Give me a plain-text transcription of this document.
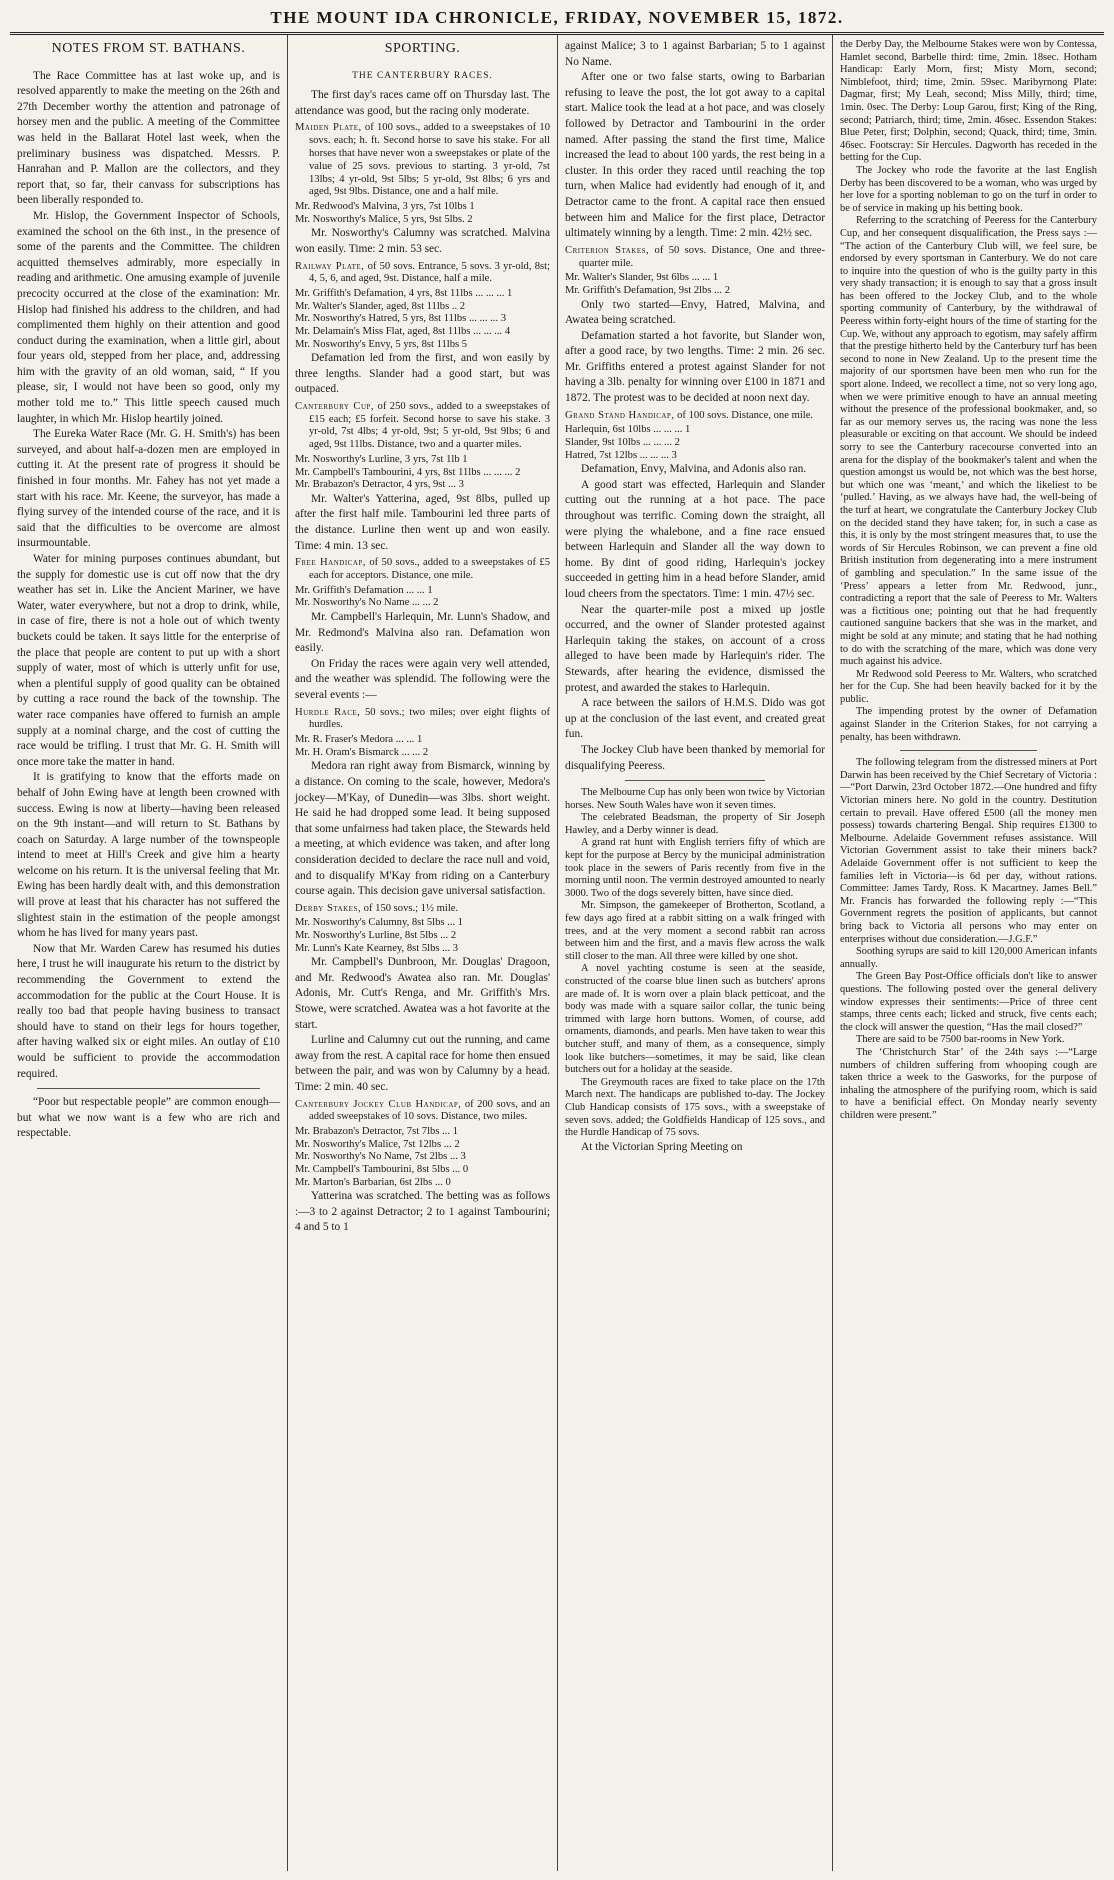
THE MOUNT IDA CHRONICLE, FRIDAY, NOVEMBER 15, 1872.
NOTES FROM ST. BATHANS.

The Race Committee has at last woke up, and is resolved apparently to make the meeting on the 26th and 27th December worthy the attention and patronage of horsey men and the public. A meeting of the Committee was held in the Ballarat Hotel last week, when the preliminary business was dispatched. Messrs. P. Hanrahan and P. Mallon are the collectors, and they report that, so far, their canvass for subscriptions has been liberally responded to.

Mr. Hislop, the Government Inspector of Schools, examined the school on the 6th inst., in the presence of some of the parents and the Committee. The children acquitted themselves admirably, more especially in reading and arithmetic. One amusing example of juvenile precocity occurred at the close of the examination: Mr. Hislop had finished his address to the children, and had complimented them highly on their attention and good conduct during the examination, when a little girl, about four years old, stepped from her place, and, addressing him with the gravity of an old woman, said, “ If you please, sir, I would not have been so good, only my mother told me to.” This little speech caused much laughter, in which Mr. Hislop heartily joined.

The Eureka Water Race (Mr. G. H. Smith's) has been surveyed, and about half-a-dozen men are employed in cutting it. At the present rate of progress it should be finished in four months. Mr. Fahey has not yet made a start with his race. Mr. Keene, the surveyor, has made a flying survey of the intended course of the race, and it is said that the difficulties to be overcome are almost insurmountable.

Water for mining purposes continues abundant, but the supply for domestic use is cut off now that the dry weather has set in. Like the Ancient Mariner, we have Water, water everywhere, but not a drop to drink, while, in case of fire, there is not a hole out of which twenty buckets could be taken. It says little for the enterprise of the place that people are content to put up with a short supply of water, most of which is utterly unfit for use, when a plentiful supply of good quality can be obtained by cutting a race round the back of the township. The water race companies have offered to furnish an ample supply at a nominal charge, and the cost of cutting the race would be trifling. I trust that Mr. G. H. Smith will once more take the matter in hand.

It is gratifying to know that the efforts made on behalf of John Ewing have at length been crowned with success. Ewing is now at liberty—having been released on the 9th instant—and will return to St. Bathans by coach on Saturday. A large number of the townspeople intend to meet at Hill's Creek and give him a hearty welcome on his return. It is the universal feeling that Mr. Ewing has been hardly dealt with, and this demonstration will prove at least that his character has not suffered the slightest stain in the estimation of the people amongst whom he has lived for many years past.

Now that Mr. Warden Carew has resumed his duties here, I trust he will inaugurate his return to the district by recommending the Government to extend the accommodation for the public at the Court House. It is really too bad that people having business to transact should have to stand on their legs for hours together, after having walked six or eight miles. An outlay of £10 would be sufficient to provide the accommodation required.

“Poor but respectable people” are common enough—but what we now want is a few who are rich and respectable.

SPORTING.
THE CANTERBURY RACES.

The first day's races came off on Thursday last. The attendance was good, but the racing only moderate.

Maiden Plate, of 100 sovs., added to a sweepstakes of 10 sovs. each; h. ft. Second horse to save his stake. For all horses that have never won a sweepstakes or plate of the value of 25 sovs. previous to starting. 3 yr-old, 7st 13lbs; 4 yr-old, 9st 5lbs; 5 yr-old, 9st 8lbs; 6 yrs and aged, 9st 9lbs. Distance, one and a half mile.
Mr. Redwood's Malvina, 3 yrs, 7st 10lbs 1
Mr. Nosworthy's Malice, 5 yrs, 9st 5lbs. 2

Mr. Nosworthy's Calumny was scratched. Malvina won easily. Time: 2 min. 53 sec.

Railway Plate, of 50 sovs. Entrance, 5 sovs. 3 yr-old, 8st; 4, 5, 6, and aged, 9st. Distance, half a mile.
Mr. Griffith's Defamation, 4 yrs, 8st 11lbs ... ... ... 1
Mr. Walter's Slander, aged, 8st 11lbs .. 2
Mr. Nosworthy's Hatred, 5 yrs, 8st 11lbs ... ... ... 3
Mr. Delamain's Miss Flat, aged, 8st 11lbs ... ... ... 4
Mr. Nosworthy's Envy, 5 yrs, 8st 11lbs 5

Defamation led from the first, and won easily by three lengths. Slander had a good start, but was outpaced.

Canterbury Cup, of 250 sovs., added to a sweepstakes of £15 each; £5 forfeit. Second horse to save his stake. 3 yr-old, 7st 4lbs; 4 yr-old, 9st; 5 yr-old, 9st 9lbs; 6 and aged, 9st 11lbs. Distance, two and a quarter miles.
Mr. Nosworthy's Lurline, 3 yrs, 7st 1lb 1
Mr. Campbell's Tambourini, 4 yrs, 8st 11lbs ... ... ... 2
Mr. Brabazon's Detractor, 4 yrs, 9st ... 3

Mr. Walter's Yatterina, aged, 9st 8lbs, pulled up after the first half mile. Tambourini led three parts of the distance. Lurline then went up and won easily. Time: 4 min. 13 sec.

Free Handicap, of 50 sovs., added to a sweepstakes of £5 each for acceptors. Distance, one mile.
Mr. Griffith's Defamation ... ... 1
Mr. Nosworthy's No Name ... ... 2

Mr. Campbell's Harlequin, Mr. Lunn's Shadow, and Mr. Redmond's Malvina also ran. Defamation won easily.

On Friday the races were again very well attended, and the weather was splendid. The following were the several events :—

Hurdle Race, 50 sovs.; two miles; over eight flights of hurdles.
Mr. R. Fraser's Medora ... ... 1
Mr. H. Oram's Bismarck ... ... 2

Medora ran right away from Bismarck, winning by a distance. On coming to the scale, however, Medora's jockey—M'Kay, of Dunedin—was 3lbs. short weight. He said he had dropped some lead. It being supposed that some unfairness had taken place, the Stewards held a meeting, at which evidence was taken, and after long consideration decided to declare the race null and void, and to disqualify M'Kay from riding on a Canterbury course again. This decision gave universal satisfaction.

Derby Stakes, of 150 sovs.; 1½ mile.
Mr. Nosworthy's Calumny, 8st 5lbs ... 1
Mr. Nosworthy's Lurline, 8st 5lbs ... 2
Mr. Lunn's Kate Kearney, 8st 5lbs ... 3

Mr. Campbell's Dunbroon, Mr. Douglas' Dragoon, and Mr. Redwood's Awatea also ran. Mr. Douglas' Adonis, Mr. Cutt's Renga, and Mr. Griffith's Mrs. Stowe, were scratched. Awatea was a hot favorite at the start.

Lurline and Calumny cut out the running, and came away from the rest. A capital race for home then ensued between the pair, and was won by Calumny by a head. Time: 2 min. 40 sec.

Canterbury Jockey Club Handicap, of 200 sovs, and an added sweepstakes of 10 sovs. Distance, two miles.
Mr. Brabazon's Detractor, 7st 7lbs ... 1
Mr. Nosworthy's Malice, 7st 12lbs ... 2
Mr. Nosworthy's No Name, 7st 2lbs ... 3
Mr. Campbell's Tambourini, 8st 5lbs ... 0
Mr. Marton's Barbarian, 6st 2lbs ... 0

Yatterina was scratched. The betting was as follows :—3 to 2 against Detractor; 2 to 1 against Tambourini; 4 and 5 to 1

against Malice; 3 to 1 against Barbarian; 5 to 1 against No Name.

After one or two false starts, owing to Barbarian refusing to leave the post, the lot got away to a capital start. Malice took the lead at a hot pace, and was closely followed by Detractor and Tambourini in the order named. After passing the stand the first time, Malice increased the lead to about 100 yards, the rest being in a cluster. In this order they raced until reaching the top turn, when Malice had evidently had enough of it, and Detractor came to the front. A capital race then ensued between him and Malice for the first place, Detractor ultimately winning by a length. Time: 2 min. 42½ sec.

Criterion Stakes, of 50 sovs. Distance, One and three-quarter mile.
Mr. Walter's Slander, 9st 6lbs ... ... 1
Mr. Griffith's Defamation, 9st 2lbs ... 2

Only two started—Envy, Hatred, Malvina, and Awatea being scratched.

Defamation started a hot favorite, but Slander won, after a good race, by two lengths. Time: 2 min. 26 sec. Mr. Griffiths entered a protest against Slander for not having a 3lb. penalty for winning over £100 in 1871 and 1872. The protest was to be decided at noon next day.

Grand Stand Handicap, of 100 sovs. Distance, one mile.
Harlequin, 6st 10lbs ... ... ... 1
Slander, 9st 10lbs ... ... ... 2
Hatred, 7st 12lbs ... ... ... 3

Defamation, Envy, Malvina, and Adonis also ran.

A good start was effected, Harlequin and Slander cutting out the running at a hot pace. The pace throughout was terrific. Coming down the straight, all were plying the whalebone, and a fine race ensued between Harlequin and Slander all the way down to home. By dint of good riding, Harlequin's jockey succeeded in getting him in a head before Slander, amid loud cheers from the spectators. Time: 1 min. 47½ sec.

Near the quarter-mile post a mixed up jostle occurred, and the owner of Slander protested against Harlequin taking the stakes, on account of a cross alleged to have been made by Harlequin's rider. The Stewards, after hearing the evidence, dismissed the protest, and awarded the stakes to Harlequin.

A race between the sailors of H.M.S. Dido was got up at the conclusion of the last event, and created great fun.

The Jockey Club have been thanked by memorial for disqualifying Peeress.

The Melbourne Cup has only been won twice by Victorian horses. New South Wales have won it seven times.

The celebrated Beadsman, the property of Sir Joseph Hawley, and a Derby winner is dead.

A grand rat hunt with English terriers fifty of which are kept for the purpose at Bercy by the municipal administration took place in the sewers of Paris recently from five in the morning until noon. The vermin destroyed amounted to nearly 3000. Two of the dogs severely bitten, have since died.

Mr. Simpson, the gamekeeper of Brotherton, Scotland, a few days ago fired at a rabbit sitting on a walk fringed with trees, and at the very moment a second rabbit ran across between him and the first, and a mavis flew across the walk still closer to the man. All three were killed by one shot.

A novel yachting costume is seen at the seaside, constructed of the coarse blue linen such as butchers' aprons are made of. It is worn over a plain black petticoat, and the body was made with a square sailor collar, the tunic being trimmed with large horn buttons. Women, of course, add ornaments, diamonds, and pearls. Men have taken to wear this butcher stuff, and many of them, as a consequence, simply look like butchers—sometimes, it may be said, like clean butchers out for a holiday at the seaside.

The Greymouth races are fixed to take place on the 17th March next. The handicaps are published to-day. The Jockey Club Handicap consists of 175 sovs., with a sweepstake of seven sovs. added; the Goldfields Handicap of 125 sovs., and the Hurdle Handicap of 75 sovs.

At the Victorian Spring Meeting on

the Derby Day, the Melbourne Stakes were won by Contessa, Hamlet second, Barbelle third: time, 2min. 18sec. Hotham Handicap: Early Morn, first; Misty Morn, second; Nimblefoot, third; time, 2min. 59sec. Maribyrnong Plate: Dagmar, first; My Leah, second; Miss Milly, third; time, 1min. 0sec. The Derby: Loup Garou, first; King of the Ring, second; Patriarch, third; time, 2min. 46sec. Essendon Stakes: Blue Peter, first; Dolphin, second; Quack, third; time, 3min. 46sec. Footscray: Sir Hercules. Dagworth has receded in the betting for the Cup.

The Jockey who rode the favorite at the last English Derby has been discovered to be a woman, who was urged by her love for a sporting nobleman to go on the turf in order to be of service in making up his betting book.

Referring to the scratching of Peeress for the Canterbury Cup, and her consequent disqualification, the Press says :— “The action of the Canterbury Club will, we feel sure, be endorsed by every sportsman in Canterbury. We do not care to inquire into the question of who is the guilty party in this very shady transaction; it is enough to say that a gross insult has been offered to the Jockey Club, and to the whole sporting community of Canterbury, by the withdrawal of Peeress within forty-eight hours of the time of starting for the Cup. We, without any approach to egotism, may safely affirm that the prestige hitherto held by the Canterbury turf has been second to none in New Zealand. Up to the present time the majority of our sportsmen have been men who run for the sport alone. Indeed, we recollect a time, not so very long ago, when we were primitive enough to have an annual meeting without the presence of the professional bookmaker, and, so far as our memory serves us, the racing was none the less pleasurable or exciting on that account. We should be indeed sorry to see the Canterbury racecourse converted into an arena for the display of the bookmaker's talent and when the question amongst us would be, not which was the best horse, but which one was ‘meant,’ and which the likeliest to be ‘pulled.’ Having, as we always have had, the well-being of the turf at heart, we congratulate the Canterbury Jockey Club on the decided stand they have taken; for, in such a case as this, it is only by the most stringent measures that, to use the words of Sir Hercules Robinson, we can prevent a fine old British institution from degenerating into a mere instrument of gambling and speculation.” In the same issue of the ‘Press’ appears a letter from Mr. Redwood, junr., contradicting a report that the sale of Peeress to Mr. Walters was a fictitious one; pointing out that he had frequently cautioned sanguine backers that she was in the market, and might be sold at any minute; and stating that he had nothing to do with the scratching of the mare, which was done very much against his advice.

Mr Redwood sold Peeress to Mr. Walters, who scratched her for the Cup. She had been heavily backed for it by the public.

The impending protest by the owner of Defamation against Slander in the Criterion Stakes, for not carrying a penalty, has been withdrawn.

The following telegram from the distressed miners at Port Darwin has been received by the Chief Secretary of Victoria :—“Port Darwin, 23rd October 1872.—One hundred and fifty Victorian miners here. No gold in the country. Destitution certain to prevail. Have offered £500 (all the money men possess) towards chartering Bengal. Ship requires £1300 to Melbourne. Adelaide Government refuses assistance. Will Victorian Government assist to take their miners back? Adelaide Government offer is not sufficient to keep the families left in Victoria—is 6d per day, without rations. Committee: James Tardy, Ross. K Macartney. James Bell.” Mr. Francis has forwarded the following reply :—“This Government regrets the position of applicants, but cannot bring back to Victoria all persons who may enter on enterprises without due consideration.—J.G.F.”

Soothing syrups are said to kill 120,000 American infants annually.

The Green Bay Post-Office officials don't like to answer questions. The following posted over the general delivery window expresses their sentiments:—Price of three cent stamps, three cents each; licked and struck, five cents each; the clock will answer the question, “Has the mail closed?”

There are said to be 7500 bar-rooms in New York.

The ‘Christchurch Star’ of the 24th says :—“Large numbers of children suffering from whooping cough are taken thrice a week to the Gasworks, for the purpose of inhaling the atmosphere of the purifying room, which is said to have a benificial effect. On Monday nearly seventy children were present.”
